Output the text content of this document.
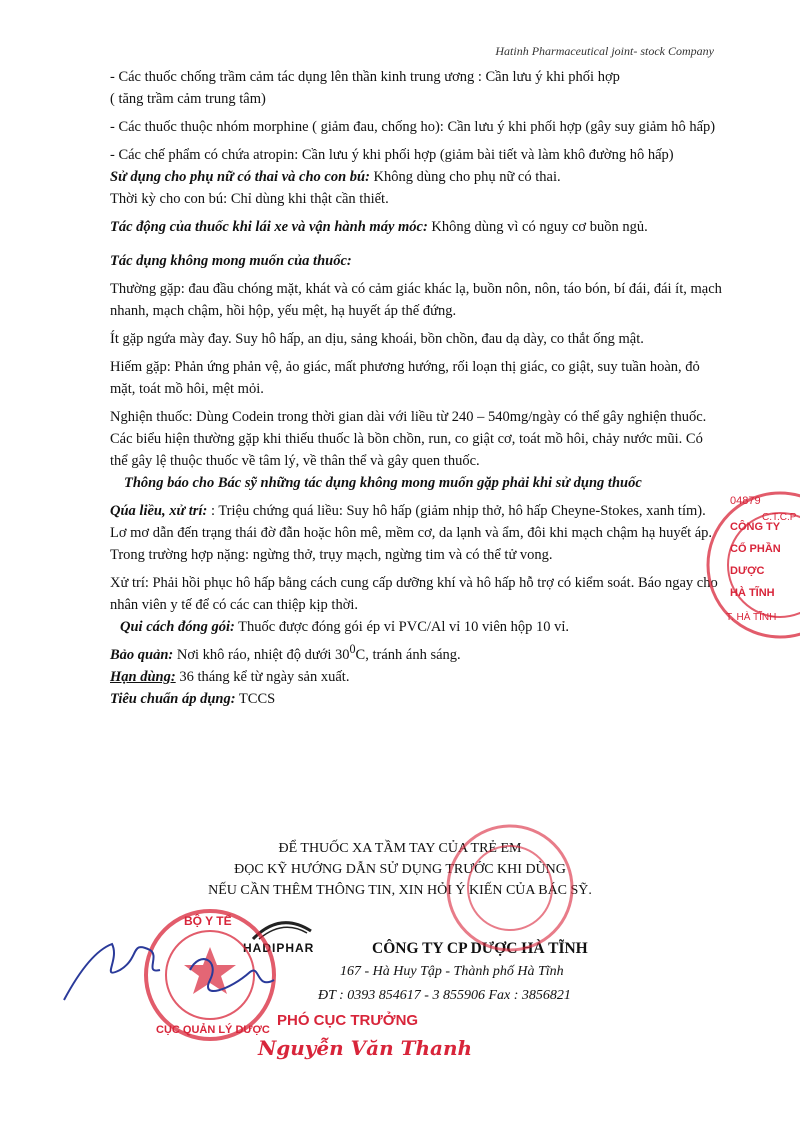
Hatinh Pharmaceutical joint- stock Company

- Các thuốc chống trầm cảm tác dụng lên thần kinh trung ương : Cần lưu ý khi phối hợp

( tăng trầm cảm trung tâm)

- Các thuốc thuộc nhóm morphine ( giảm đau, chống ho): Cần lưu ý khi phối hợp (gây suy giảm hô hấp)

- Các chế phẩm có chứa atropin: Cần lưu ý khi phối hợp (giảm bài tiết và làm khô đường hô hấp)

Sử dụng cho phụ nữ có thai và cho con bú: Không dùng cho phụ nữ có thai.

Thời kỳ cho con bú: Chỉ dùng khi thật cần thiết.

Tác động của thuốc khi lái xe và vận hành máy móc: Không dùng vì có nguy cơ buồn ngủ.

Tác dụng không mong muốn của thuốc:

Thường gặp: đau đầu chóng mặt, khát và có cảm giác khác lạ, buồn nôn, nôn, táo bón, bí đái, đái ít, mạch nhanh, mạch chậm, hồi hộp, yếu mệt, hạ huyết áp thế đứng.

Ít gặp ngứa mày đay. Suy hô hấp, an dịu, sảng khoái, bồn chồn, đau dạ dày, co thắt ống mật.

Hiếm gặp: Phản ứng phản vệ, ảo giác, mất phương hướng, rối loạn thị giác, co giật, suy tuần hoàn, đỏ mặt, toát mồ hôi, mệt mỏi.

Nghiện thuốc: Dùng Codein trong thời gian dài với liều từ 240 – 540mg/ngày có thể gây nghiện thuốc. Các biểu hiện thường gặp khi thiếu thuốc là bồn chồn, run, co giật cơ, toát mồ hôi, chảy nước mũi. Có thể gây lệ thuộc thuốc về tâm lý, về thân thể và gây quen thuốc.

Thông báo cho Bác sỹ những tác dụng không mong muốn gặp phải khi sử dụng thuốc

Qúa liều, xử trí: : Triệu chứng quá liều: Suy hô hấp (giảm nhịp thở, hô hấp Cheyne-Stokes, xanh tím). Lơ mơ dẫn đến trạng thái đờ đẫn hoặc hôn mê, mềm cơ, da lạnh và ẩm, đôi khi mạch chậm hạ huyết áp. Trong trường hợp nặng: ngừng thở, trụy mạch, ngừng tim và có thể tử vong.

Xử trí: Phải hồi phục hô hấp bằng cách cung cấp dưỡng khí và hô hấp hỗ trợ có kiểm soát. Báo ngay cho nhân viên y tế để có các can thiệp kịp thời.

Qui cách đóng gói: Thuốc được đóng gói ép vỉ PVC/Al vỉ 10 viên hộp 10 vỉ.

Bảo quản: Nơi khô ráo, nhiệt độ dưới $30^0C$, tránh ánh sáng.

Hạn dùng: 36 tháng kể từ ngày sản xuất.

Tiêu chuẩn áp dụng: TCCS

ĐỂ THUỐC XA TẦM TAY CỦA TRẺ EM
ĐỌC KỸ HƯỚNG DẪN SỬ DỤNG TRƯỚC KHI DÙNG
NẾU CẦN THÊM THÔNG TIN, XIN HỎI Ý KIẾN CỦA BÁC SỸ.
HADIPHAR	CÔNG TY CP DƯỢC HÀ TĨNH
167 - Hà Huy Tập - Thành phố Hà Tĩnh
ĐT : 0393 854617 - 3 855906 Fax : 3856821
04879
C.T.C.P
CÔNG TY
CỔ PHẦN
DƯỢC
HÀ TĨNH
T. HÀ TĨNH
BỘ Y TẾ
CỤC QUẢN LÝ DƯỢC
PHÓ CỤC TRƯỞNG
Nguyễn Văn Thanh
